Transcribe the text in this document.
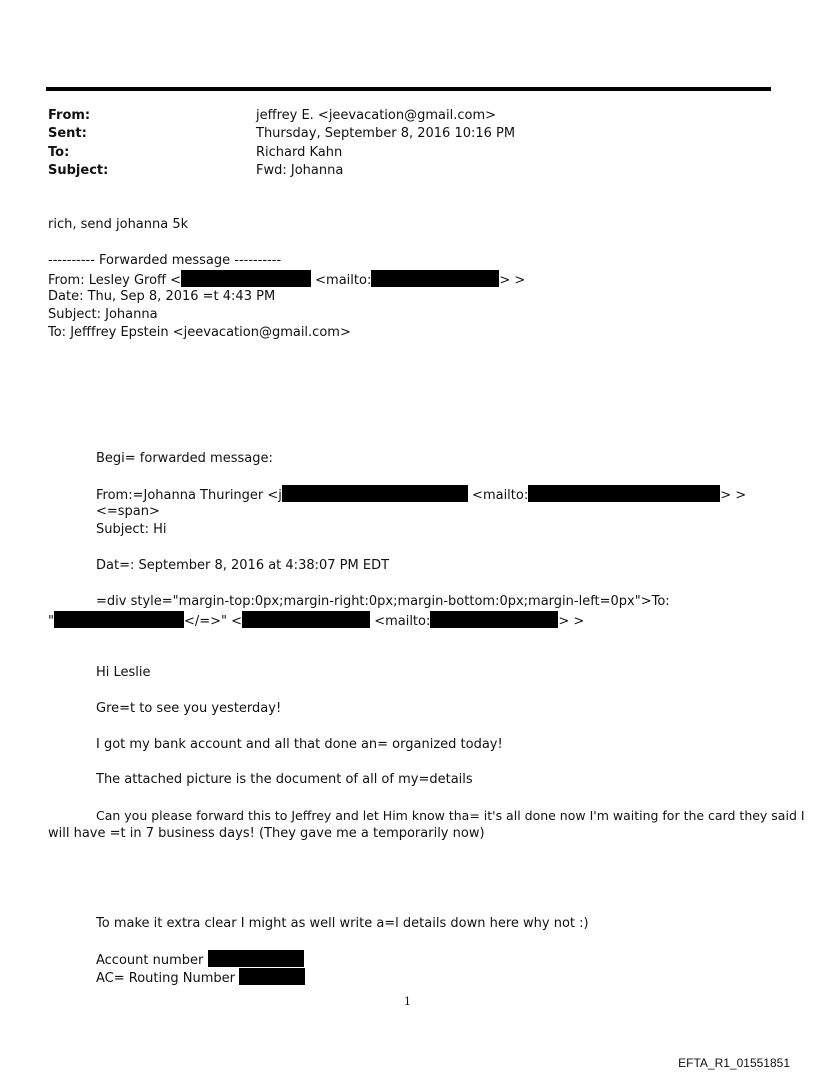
From:	jeffrey E. <jeevacation@gmail.com>
Sent:	Thursday, September 8, 2016 10:16 PM
To:	Richard Kahn
Subject:	Fwd: Johanna
rich, send johanna 5k
---------- Forwarded message ----------
From: Lesley Groff <	<mailto:	> >
Date: Thu, Sep 8, 2016 =t 4:43 PM
Subject: Johanna
To: Jefffrey Epstein <jeevacation@gmail.com>
Begi= forwarded message:
From:=Johanna Thuringer <j	<mailto:	> >
<=span>
Subject: Hi
Dat=: September 8, 2016 at 4:38:07 PM EDT
=div style="margin-top:0px;margin-right:0px;margin-bottom:0px;margin-left=0px">To:
"	</=>" <	<mailto:	> >
Hi Leslie
Gre=t to see you yesterday!
I got my bank account and all that done an= organized today!
The attached picture is the document of all of my=details
Can you please forward this to Jeffrey and let Him know tha= it's all done now I'm waiting for the card they said I
will have =t in 7 business days! (They gave me a temporarily now)
To make it extra clear I might as well write a=l details down here why not :)
Account number
AC= Routing Number
1
EFTA_R1_01551851
